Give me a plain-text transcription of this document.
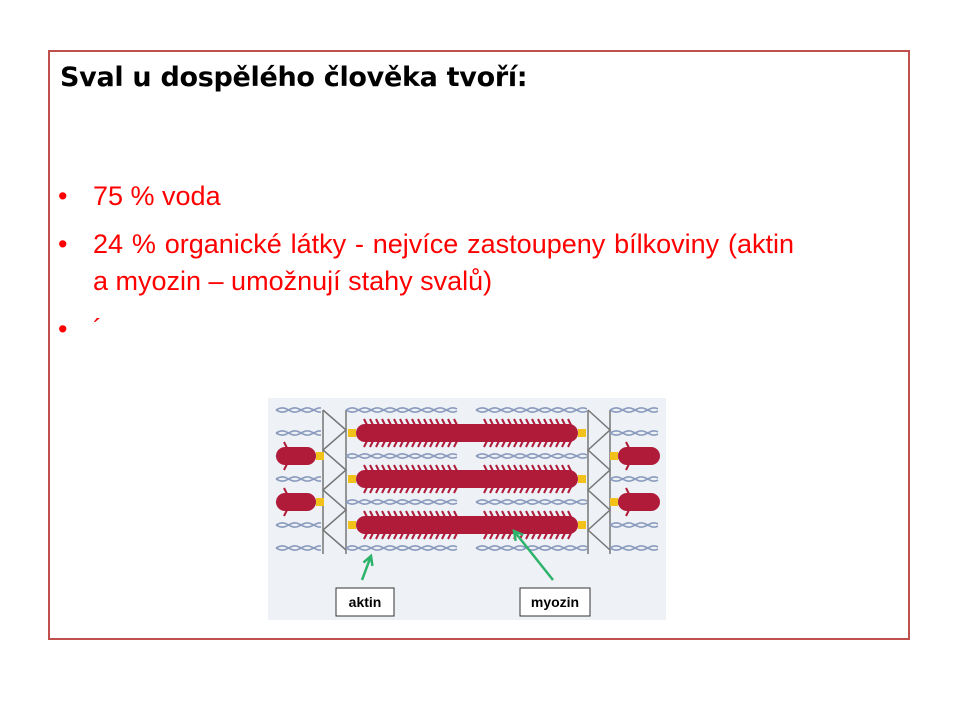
Sval u dospělého člověka tvoří:
• 75 % voda
• 24 % organické látky - nejvíce zastoupeny bílkoviny (aktin a myozin – umožnují stahy svalů)
• ´
aktin	myozin
